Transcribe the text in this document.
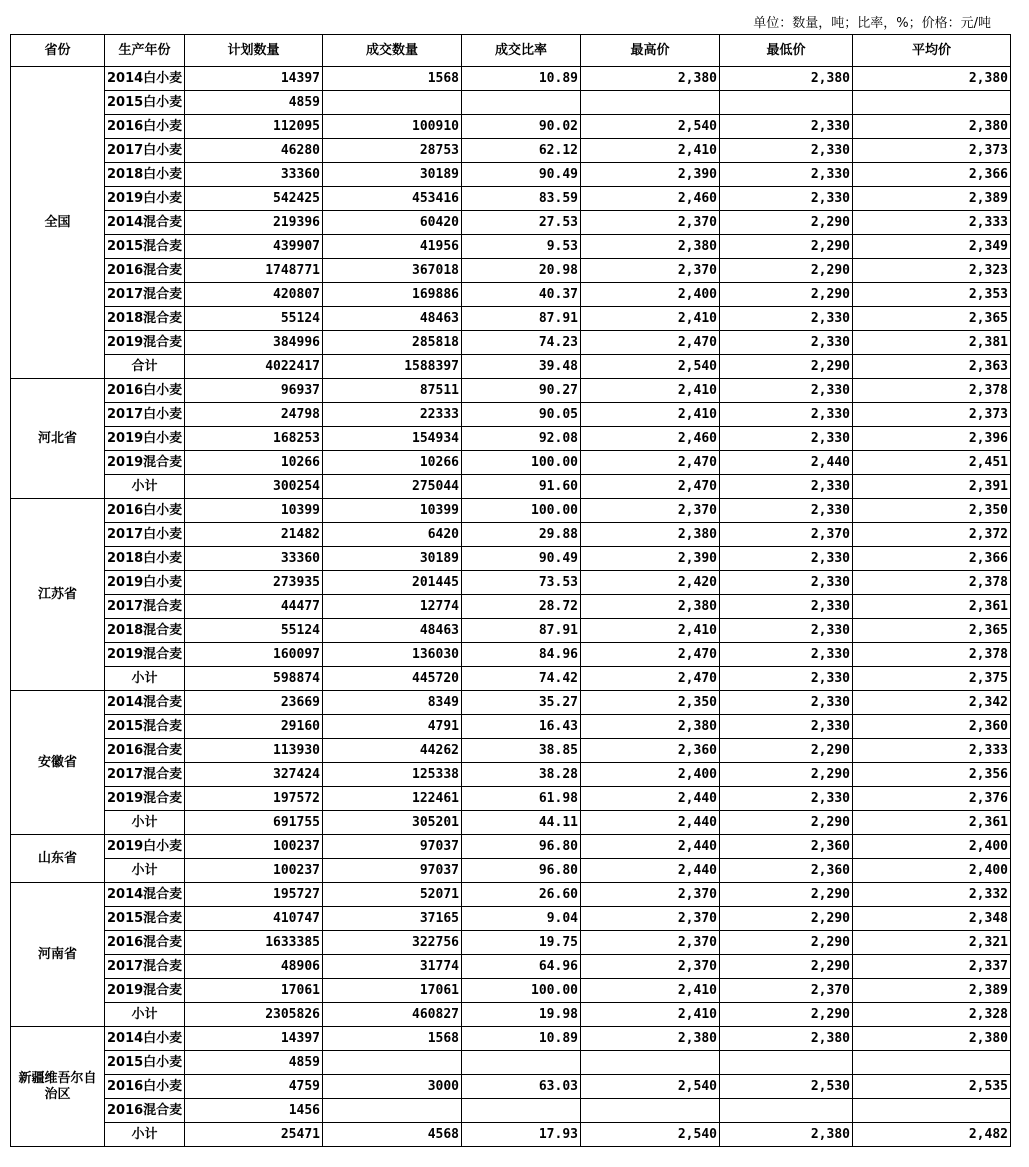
单位：数量，吨；比率，%；价格：元/吨
省份	生产年份	计划数量	成交数量	成交比率	最高价	最低价	平均价
全国	2014白小麦	14397	1568	10.89	2,380	2,380	2,380
	2015白小麦	4859					
	2016白小麦	112095	100910	90.02	2,540	2,330	2,380
	2017白小麦	46280	28753	62.12	2,410	2,330	2,373
	2018白小麦	33360	30189	90.49	2,390	2,330	2,366
	2019白小麦	542425	453416	83.59	2,460	2,330	2,389
	2014混合麦	219396	60420	27.53	2,370	2,290	2,333
	2015混合麦	439907	41956	9.53	2,380	2,290	2,349
	2016混合麦	1748771	367018	20.98	2,370	2,290	2,323
	2017混合麦	420807	169886	40.37	2,400	2,290	2,353
	2018混合麦	55124	48463	87.91	2,410	2,330	2,365
	2019混合麦	384996	285818	74.23	2,470	2,330	2,381
	合计	4022417	1588397	39.48	2,540	2,290	2,363
河北省	2016白小麦	96937	87511	90.27	2,410	2,330	2,378
	2017白小麦	24798	22333	90.05	2,410	2,330	2,373
	2019白小麦	168253	154934	92.08	2,460	2,330	2,396
	2019混合麦	10266	10266	100.00	2,470	2,440	2,451
	小计	300254	275044	91.60	2,470	2,330	2,391
江苏省	2016白小麦	10399	10399	100.00	2,370	2,330	2,350
	2017白小麦	21482	6420	29.88	2,380	2,370	2,372
	2018白小麦	33360	30189	90.49	2,390	2,330	2,366
	2019白小麦	273935	201445	73.53	2,420	2,330	2,378
	2017混合麦	44477	12774	28.72	2,380	2,330	2,361
	2018混合麦	55124	48463	87.91	2,410	2,330	2,365
	2019混合麦	160097	136030	84.96	2,470	2,330	2,378
	小计	598874	445720	74.42	2,470	2,330	2,375
安徽省	2014混合麦	23669	8349	35.27	2,350	2,330	2,342
	2015混合麦	29160	4791	16.43	2,380	2,330	2,360
	2016混合麦	113930	44262	38.85	2,360	2,290	2,333
	2017混合麦	327424	125338	38.28	2,400	2,290	2,356
	2019混合麦	197572	122461	61.98	2,440	2,330	2,376
	小计	691755	305201	44.11	2,440	2,290	2,361
山东省	2019白小麦	100237	97037	96.80	2,440	2,360	2,400
	小计	100237	97037	96.80	2,440	2,360	2,400
河南省	2014混合麦	195727	52071	26.60	2,370	2,290	2,332
	2015混合麦	410747	37165	9.04	2,370	2,290	2,348
	2016混合麦	1633385	322756	19.75	2,370	2,290	2,321
	2017混合麦	48906	31774	64.96	2,370	2,290	2,337
	2019混合麦	17061	17061	100.00	2,410	2,370	2,389
	小计	2305826	460827	19.98	2,410	2,290	2,328
新疆维吾尔自治区	2014白小麦	14397	1568	10.89	2,380	2,380	2,380
	2015白小麦	4859					
	2016白小麦	4759	3000	63.03	2,540	2,530	2,535
	2016混合麦	1456					
	小计	25471	4568	17.93	2,540	2,380	2,482
